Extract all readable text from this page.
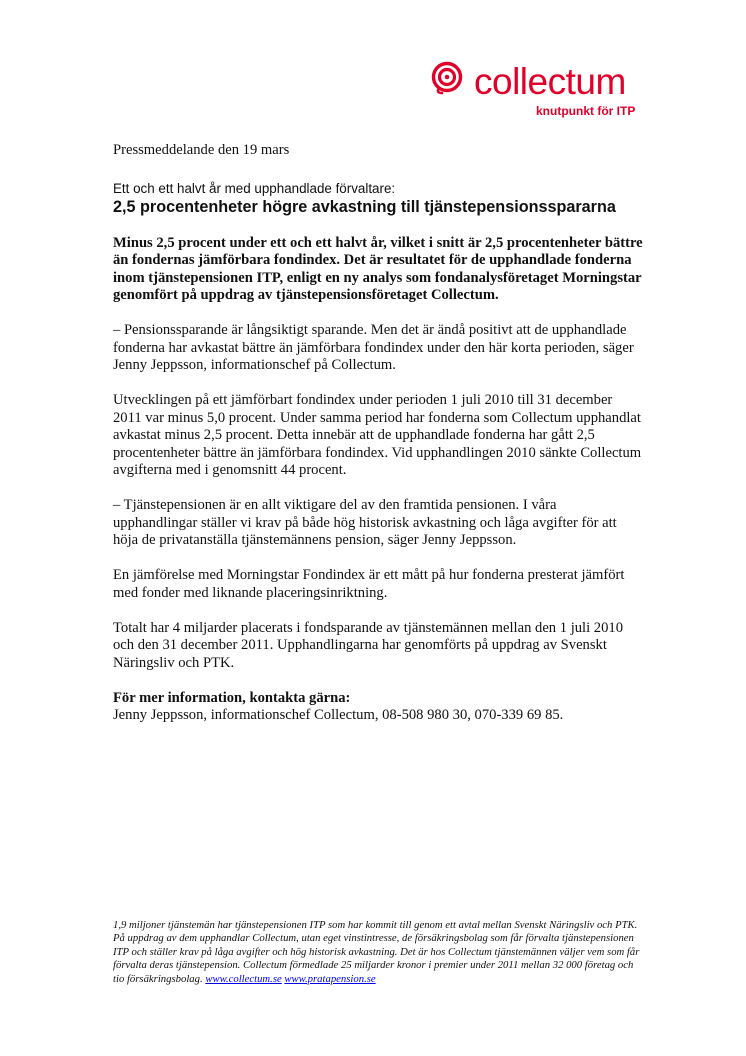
collectum
knutpunkt för ITP

Pressmeddelande den 19 mars

Ett och ett halvt år med upphandlade förvaltare:

2,5 procentenheter högre avkastning till tjänstepensionsspararna

Minus 2,5 procent under ett och ett halvt år, vilket i snitt är 2,5 procentenheter bättre än fondernas jämförbara fondindex. Det är resultatet för de upphandlade fonderna inom tjänstepensionen ITP, enligt en ny analys som fondanalysföretaget Morningstar genomfört på uppdrag av tjänstepensionsföretaget Collectum.

– Pensionssparande är långsiktigt sparande. Men det är ändå positivt att de upphandlade fonderna har avkastat bättre än jämförbara fondindex under den här korta perioden, säger Jenny Jeppsson, informationschef på Collectum.

Utvecklingen på ett jämförbart fondindex under perioden 1 juli 2010 till 31 december 2011 var minus 5,0 procent. Under samma period har fonderna som Collectum upphandlat avkastat minus 2,5 procent. Detta innebär att de upphandlade fonderna har gått 2,5 procentenheter bättre än jämförbara fondindex. Vid upphandlingen 2010 sänkte Collectum avgifterna med i genomsnitt 44 procent.

– Tjänstepensionen är en allt viktigare del av den framtida pensionen. I våra upphandlingar ställer vi krav på både hög historisk avkastning och låga avgifter för att höja de privatanställa tjänstemännens pension, säger Jenny Jeppsson.

En jämförelse med Morningstar Fondindex är ett mått på hur fonderna presterat jämfört med fonder med liknande placeringsinriktning.

Totalt har 4 miljarder placerats i fondsparande av tjänstemännen mellan den 1 juli 2010 och den 31 december 2011. Upphandlingarna har genomförts på uppdrag av Svenskt Näringsliv och PTK.

För mer information, kontakta gärna:

Jenny Jeppsson, informationschef Collectum, 08-508 980 30, 070-339 69 85.

1,9 miljoner tjänstemän har tjänstepensionen ITP som har kommit till genom ett avtal mellan Svenskt Näringsliv och PTK. På uppdrag av dem upphandlar Collectum, utan eget vinstintresse, de försäkringsbolag som får förvalta tjänstepensionen ITP och ställer krav på låga avgifter och hög historisk avkastning. Det är hos Collectum tjänstemännen väljer vem som får förvalta deras tjänstepension. Collectum förmedlade 25 miljarder kronor i premier under 2011 mellan 32 000 företag och tio försäkringsbolag. www.collectum.se www.pratapension.se
